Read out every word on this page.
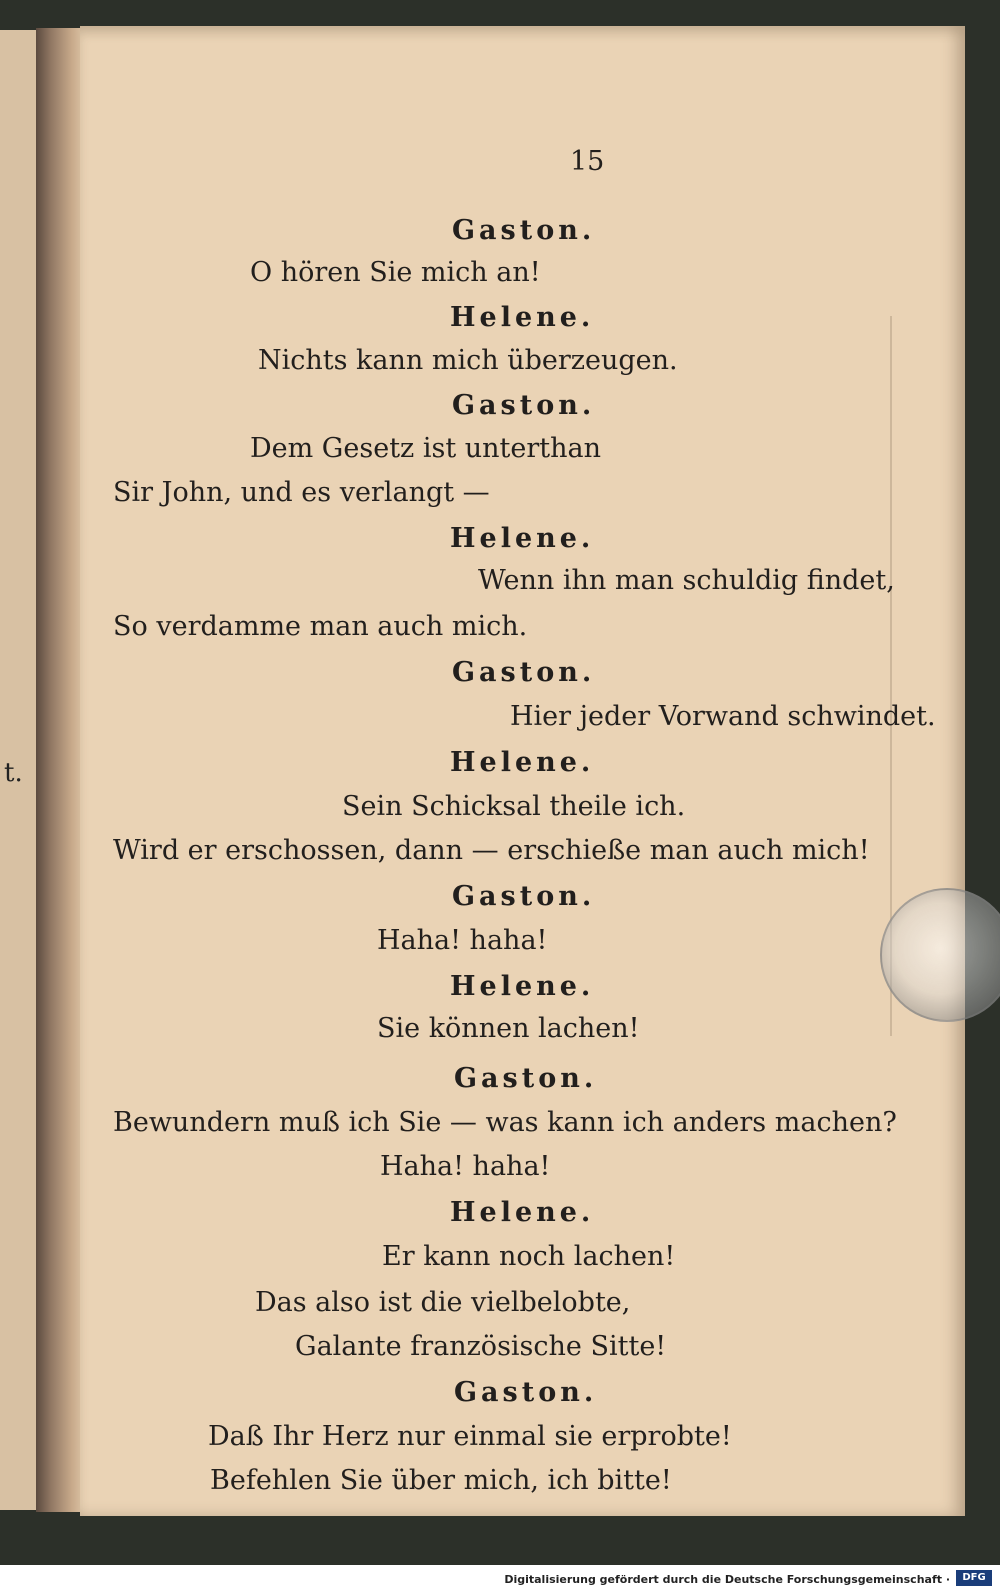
t.
15
Gaston.
O hören Sie mich an!
Helene.
Nichts kann mich überzeugen.
Gaston.
Dem Gesetz ist unterthan
Sir John, und es verlangt —
Helene.
Wenn ihn man schuldig findet,
So verdamme man auch mich.
Gaston.
Hier jeder Vorwand schwindet.
Helene.
Sein Schicksal theile ich.
Wird er erschossen, dann — erschieße man auch mich!
Gaston.
Haha! haha!
Helene.
Sie können lachen!
Gaston.
Bewundern muß ich Sie — was kann ich anders machen?
Haha! haha!
Helene.
Er kann noch lachen!
Das also ist die vielbelobte,
Galante französische Sitte!
Gaston.
Daß Ihr Herz nur einmal sie erprobte!
Befehlen Sie über mich, ich bitte!
Digitalisierung gefördert durch die Deutsche Forschungsgemeinschaft ·	DFG
